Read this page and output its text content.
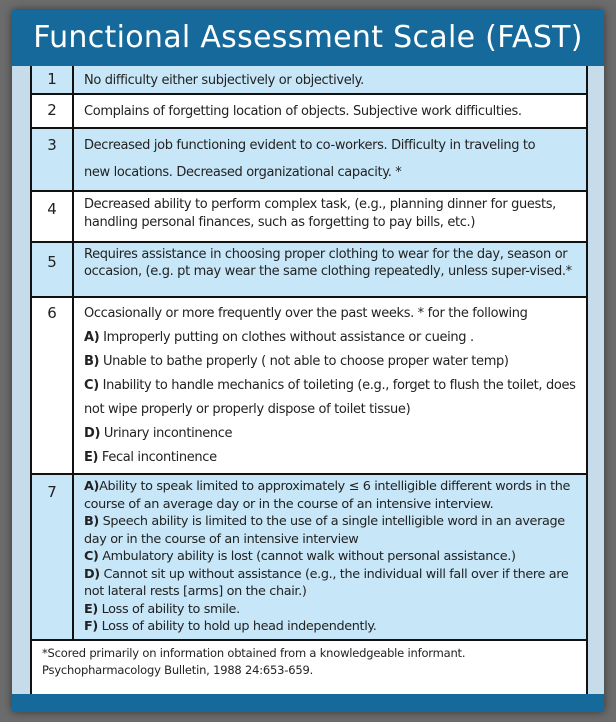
Functional Assessment Scale (FAST)
1	No difficulty either subjectively or objectively.
2	Complains of forgetting location of objects. Subjective work difficulties.
3	Decreased job functioning evident to co-workers. Difficulty in traveling to new locations. Decreased organizational capacity. *
4	Decreased ability to perform complex task, (e.g., planning dinner for guests, handling personal finances, such as forgetting to pay bills, etc.)
5	Requires assistance in choosing proper clothing to wear for the day, season or occasion, (e.g. pt may wear the same clothing repeatedly, unless super-vised.*
6	Occasionally or more frequently over the past weeks. * for the following
A) Improperly putting on clothes without assistance or cueing .
B) Unable to bathe properly ( not able to choose proper water temp)
C) Inability to handle mechanics of toileting (e.g., forget to flush the toilet, does not wipe properly or properly dispose of toilet tissue)
D) Urinary incontinence
E) Fecal incontinence
7	A)Ability to speak limited to approximately ≤ 6 intelligible different words in the course of an average day or in the course of an intensive interview.
B) Speech ability is limited to the use of a single intelligible word in an average day or in the course of an intensive interview
C) Ambulatory ability is lost (cannot walk without personal assistance.)
D) Cannot sit up without assistance (e.g., the individual will fall over if there are not lateral rests [arms] on the chair.)
E) Loss of ability to smile.
F) Loss of ability to hold up head independently.
*Scored primarily on information obtained from a knowledgeable informant.
Psychopharmacology Bulletin, 1988 24:653-659.
